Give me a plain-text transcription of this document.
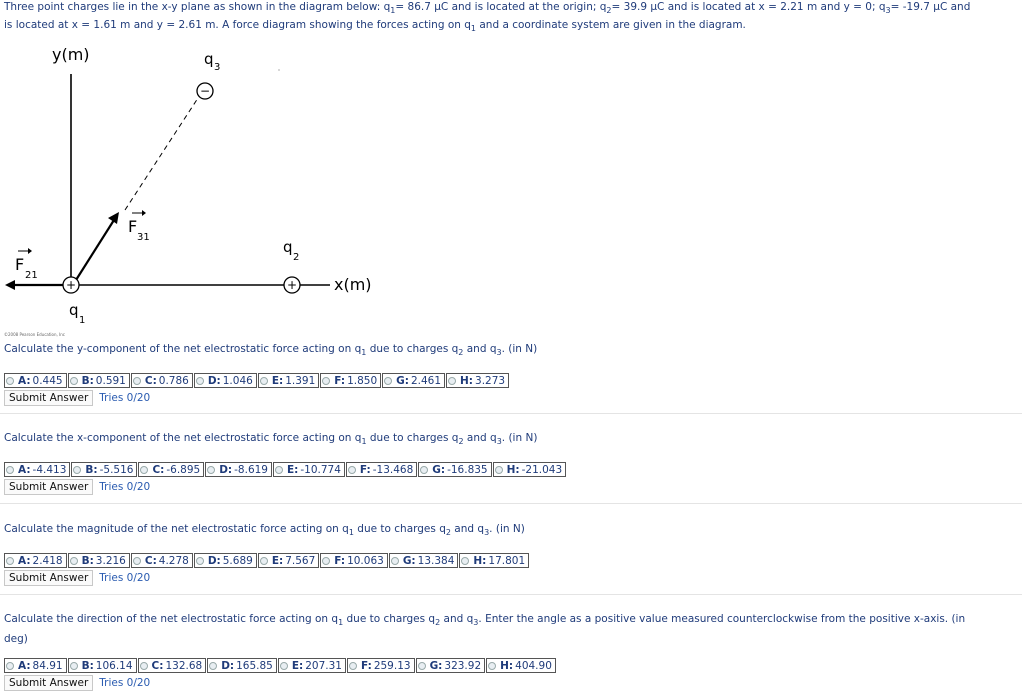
Three point charges lie in the x-y plane as shown in the diagram below: $q_1= 86.7$ µC and is located at the origin; $q_2= 39.9$ µC and is located at x = 2.21 m and y = 0; $q_3= -19.7$ µC and
is located at x = 1.61 m and y = 2.61 m. A force diagram showing the forces acting on $q_1$ and a coordinate system are given in the diagram.
+	+
−
y(m)
x(m)
q 3
q
2
q
1
F
21
F
31
©2008 Pearson Education, Inc
Calculate the y-component of the net electrostatic force acting on $q_1$ due to charges $q_2$ and $q_3$. (in N)
A: 0.445 B: 0.591 C: 0.786 D: 1.046 E: 1.391 F: 1.850 G: 2.461 H: 3.273
Submit Answer	Tries 0/20
Calculate the x-component of the net electrostatic force acting on $q_1$ due to charges $q_2$ and $q_3$. (in N)
A: -4.413 B: -5.516 C: -6.895 D: -8.619 E: -10.774 F: -13.468 G: -16.835 H: -21.043
Submit Answer	Tries 0/20
Calculate the magnitude of the net electrostatic force acting on $q_1$ due to charges $q_2$ and $q_3$. (in N)
A: 2.418 B: 3.216 C: 4.278 D: 5.689 E: 7.567 F: 10.063 G: 13.384 H: 17.801
Submit Answer	Tries 0/20
Calculate the direction of the net electrostatic force acting on $q_1$ due to charges $q_2$ and $q_3$. Enter the angle as a positive value measured counterclockwise from the positive x-axis. (in
deg)
A: 84.91 B: 106.14 C: 132.68 D: 165.85 E: 207.31 F: 259.13 G: 323.92 H: 404.90
Submit Answer	Tries 0/20
